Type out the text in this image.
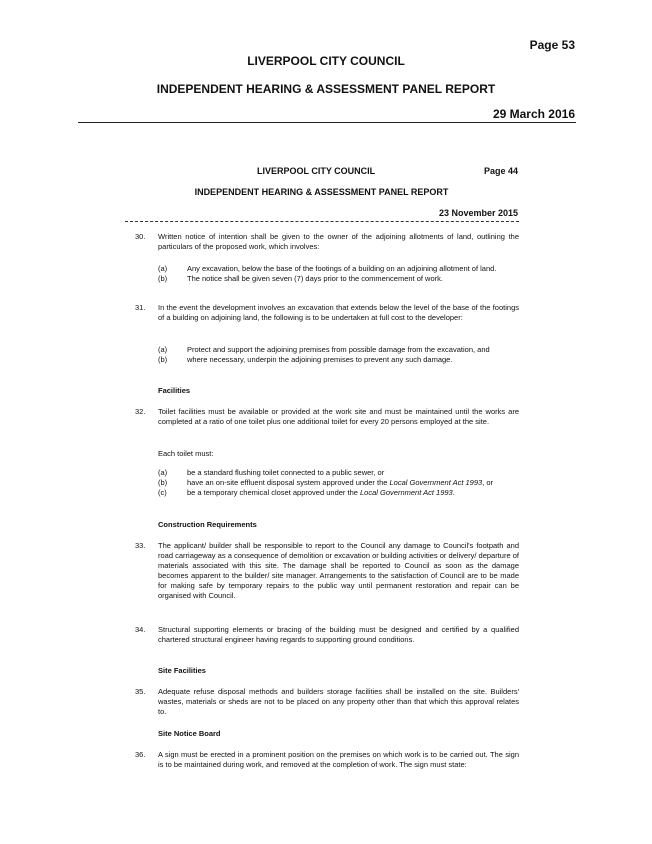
Page 53
LIVERPOOL CITY COUNCIL
INDEPENDENT HEARING & ASSESSMENT PANEL REPORT
29 March 2016
LIVERPOOL CITY COUNCIL	Page 44
INDEPENDENT HEARING & ASSESSMENT PANEL REPORT
23 November 2015
30. Written notice of intention shall be given to the owner of the adjoining allotments of land, outlining the particulars of the proposed work, which involves:
(a)	Any excavation, below the base of the footings of a building on an adjoining allotment of land.
(b)	The notice shall be given seven (7) days prior to the commencement of work.
31. In the event the development involves an excavation that extends below the level of the base of the footings of a building on adjoining land, the following is to be undertaken at full cost to the developer:
(a)	Protect and support the adjoining premises from possible damage from the excavation, and
(b)	where necessary, underpin the adjoining premises to prevent any such damage.
Facilities
32. Toilet facilities must be available or provided at the work site and must be maintained until the works are completed at a ratio of one toilet plus one additional toilet for every 20 persons employed at the site.
Each toilet must:
(a)	be a standard flushing toilet connected to a public sewer, or
(b)	have an on-site effluent disposal system approved under the Local Government Act 1993, or
(c)	be a temporary chemical closet approved under the Local Government Act 1993.
Construction Requirements
33. The applicant/ builder shall be responsible to report to the Council any damage to Council's footpath and road carriageway as a consequence of demolition or excavation or building activities or delivery/ departure of materials associated with this site. The damage shall be reported to Council as soon as the damage becomes apparent to the builder/ site manager. Arrangements to the satisfaction of Council are to be made for making safe by temporary repairs to the public way until permanent restoration and repair can be organised with Council.
34. Structural supporting elements or bracing of the building must be designed and certified by a qualified chartered structural engineer having regards to supporting ground conditions.
Site Facilities
35. Adequate refuse disposal methods and builders storage facilities shall be installed on the site. Builders' wastes, materials or sheds are not to be placed on any property other than that which this approval relates to.
Site Notice Board
36. A sign must be erected in a prominent position on the premises on which work is to be carried out. The sign is to be maintained during work, and removed at the completion of work. The sign must state:
